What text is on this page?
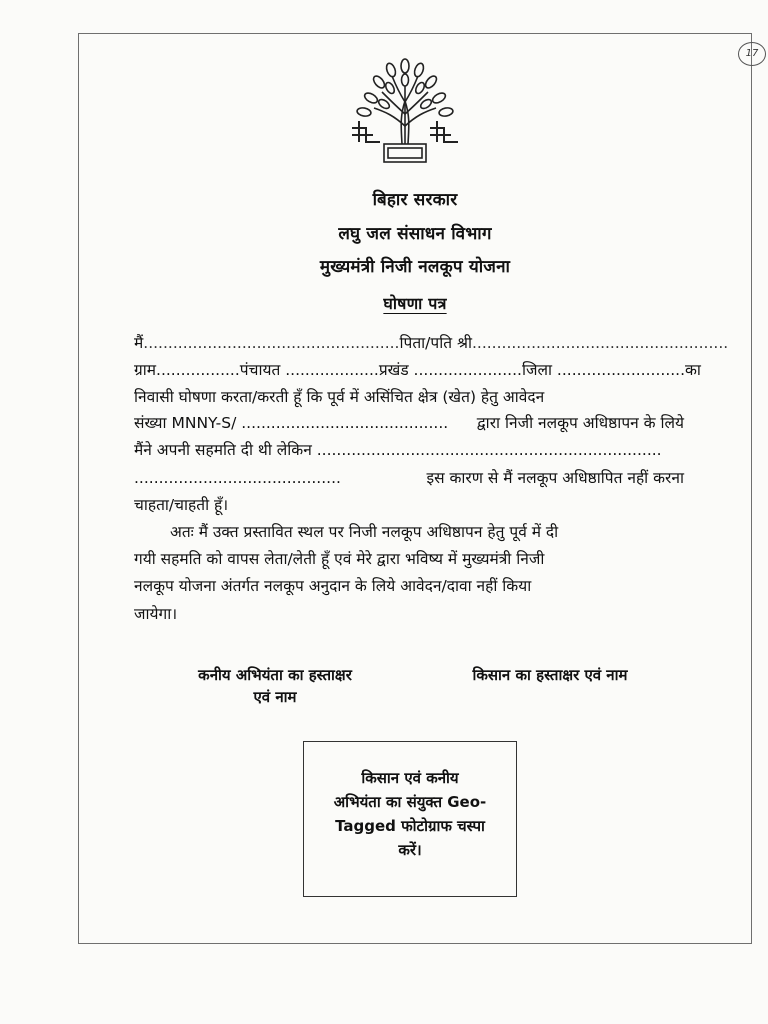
17
बिहार सरकार
लघु जल संसाधन विभाग
मुख्यमंत्री निजी नलकूप योजना
घोषणा पत्र
मैं .................................................... पिता/पति श्री ....................................................
ग्राम................. पंचायत ................... प्रखंड ...................... जिला .......................... का
निवासी घोषणा करता/करती हूँ कि पूर्व में असिंचित क्षेत्र (खेत) हेतु आवेदन
संख्या MNNY-S/ .......................................... द्वारा निजी नलकूप अधिष्ठापन के लिये
मैंने अपनी सहमति दी थी लेकिन ......................................................................
..........................................	इस कारण से मैं नलकूप अधिष्ठापित नहीं करना
चाहता/चाहती हूँ।
अतः मैं उक्त प्रस्तावित स्थल पर निजी नलकूप अधिष्ठापन हेतु पूर्व में दी
गयी सहमति को वापस लेता/लेती हूँ एवं मेरे द्वारा भविष्य में मुख्यमंत्री निजी
नलकूप योजना अंतर्गत नलकूप अनुदान के लिये आवेदन/दावा नहीं किया
जायेगा।
कनीय अभियंता का हस्ताक्षर
एवं नाम
किसान का हस्ताक्षर एवं नाम
किसान एवं कनीय
अभियंता का संयुक्त Geo-
Tagged फोटोग्राफ चस्पा
करें।
